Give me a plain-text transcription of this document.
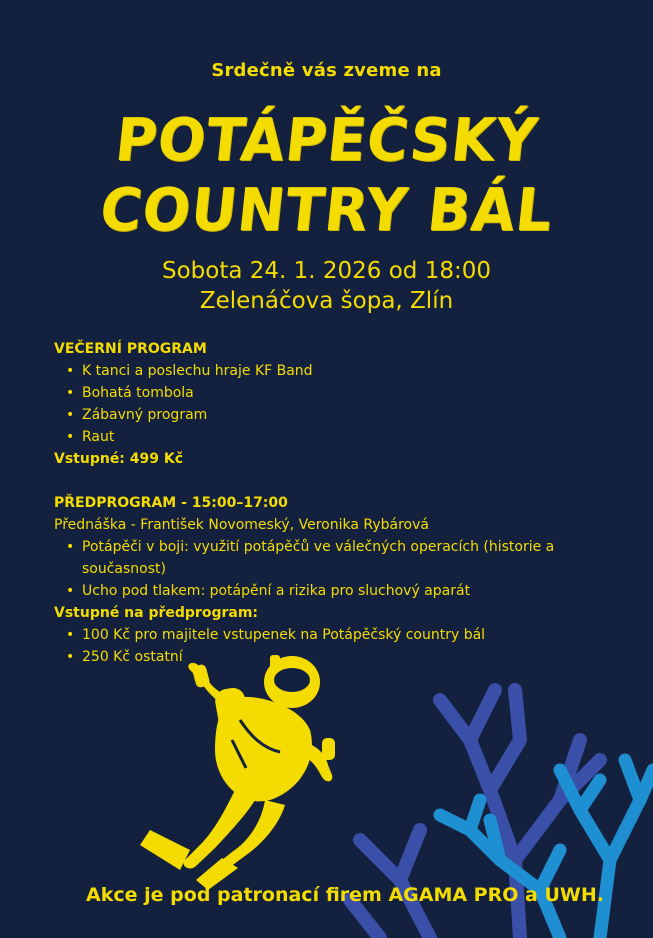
Srdečně vás zveme na
POTÁPĚČSKÝ
COUNTRY BÁL
Sobota 24. 1. 2026 od 18:00
Zelenáčova šopa, Zlín
VEČERNÍ PROGRAM
• K tanci a poslechu hraje KF Band
• Bohatá tombola
• Zábavný program
• Raut
Vstupné: 499 Kč
PŘEDPROGRAM - 15:00–17:00
Přednáška - František Novomeský, Veronika Rybárová
• Potápěči v boji: využití potápěčů ve válečných operacích (historie a současnost)
• Ucho pod tlakem: potápění a rizika pro sluchový aparát
Vstupné na předprogram:
• 100 Kč pro majitele vstupenek na Potápěčský country bál
• 250 Kč ostatní
Akce je pod patronací firem AGAMA PRO a UWH.
